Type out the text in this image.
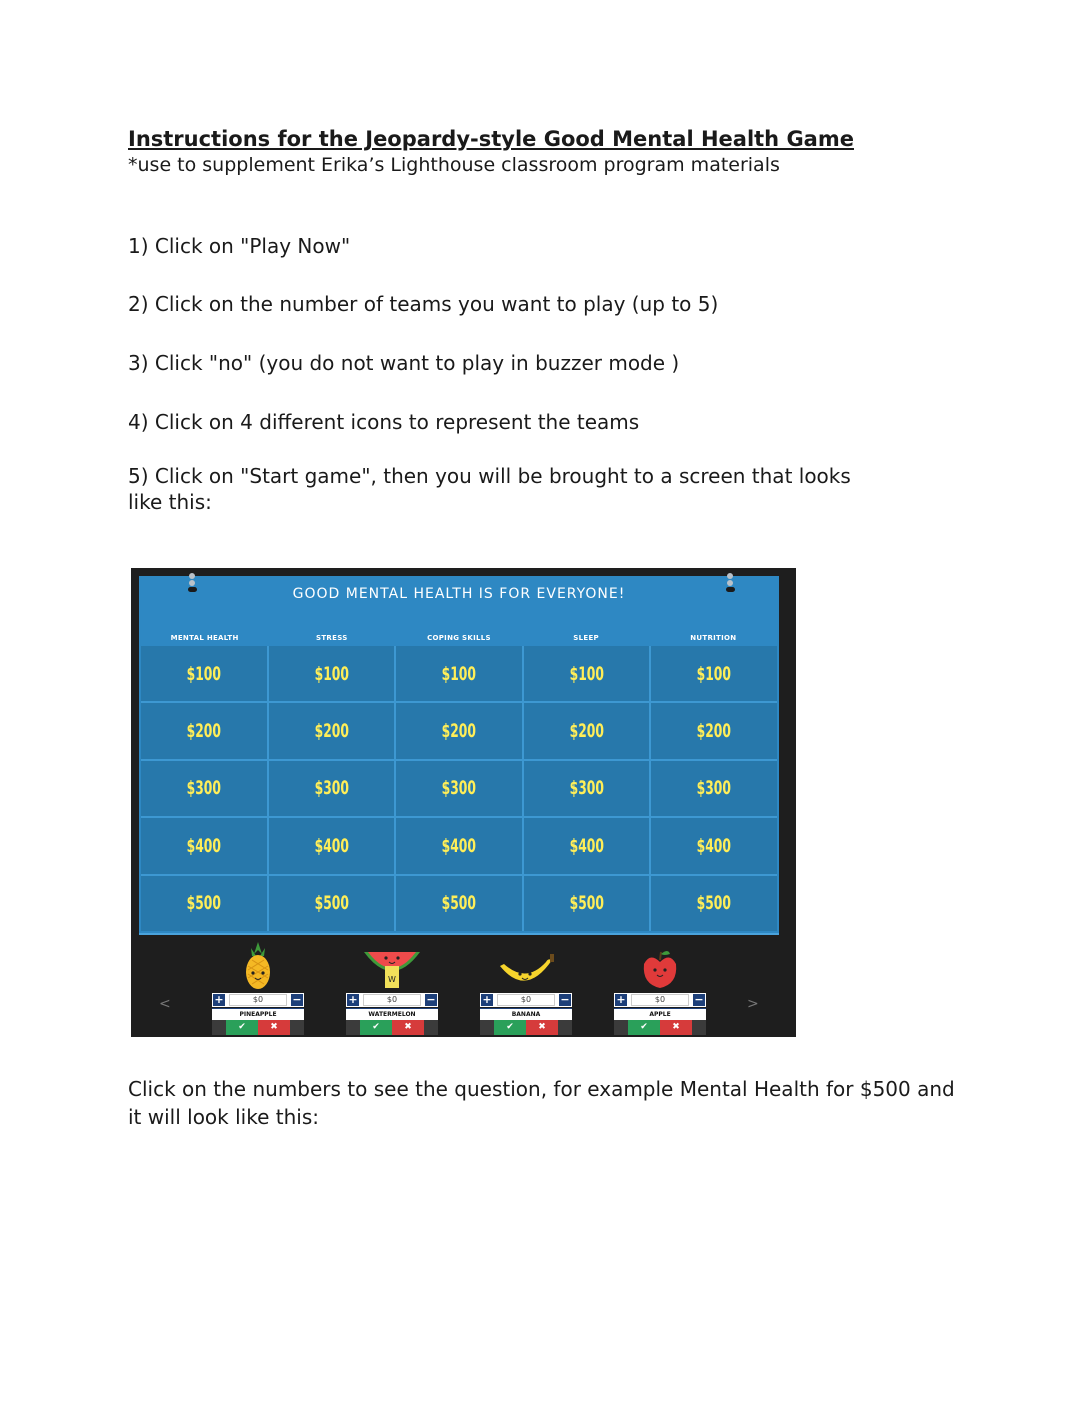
Instructions for the Jeopardy-style Good Mental Health Game
*use to supplement Erika’s Lighthouse classroom program materials
1) Click on "Play Now"
2) Click on the number of teams you want to play (up to 5)
3) Click "no" (you do not want to play in buzzer mode )
4) Click on 4 different icons to represent the teams
5) Click on "Start game", then you will be brought to a screen that looks like this:
GOOD MENTAL HEALTH IS FOR EVERYONE!
MENTAL HEALTH	STRESS	COPING SKILLS	SLEEP	NUTRITION
$100	$100	$100	$100	$100
$200	$200	$200	$200	$200
$300	$300	$300	$300	$300
$400	$400	$400	$400	$400
$500	$500	$500	$500	$500
<	>
+	$0	−
PINEAPPLE
✔	✖
W
+	$0	−
WATERMELON
✔	✖
+	$0	−
BANANA
✔	✖
+	$0	−
APPLE
✔	✖
Click on the numbers to see the question, for example Mental Health for $500 and it will look like this:
